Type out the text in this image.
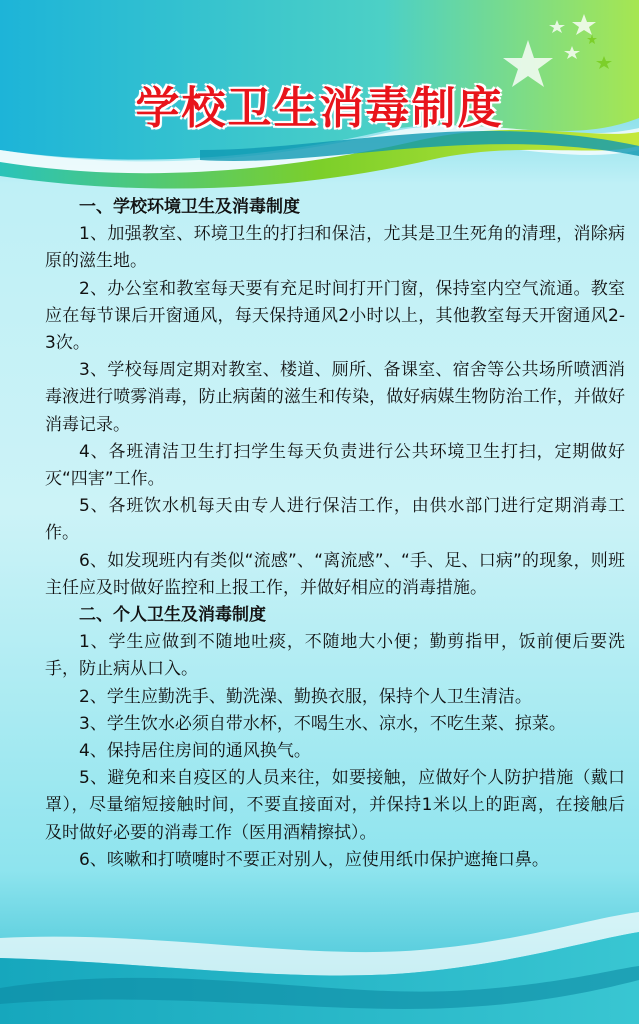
学校卫生消毒制度
一、学校环境卫生及消毒制度

1、加强教室、环境卫生的打扫和保洁，尤其是卫生死角的清理，消除病原的滋生地。

2、办公室和教室每天要有充足时间打开门窗，保持室内空气流通。教室应在每节课后开窗通风，每天保持通风2小时以上，其他教室每天开窗通风2-3次。

3、学校每周定期对教室、楼道、厕所、备课室、宿舍等公共场所喷洒消毒液进行喷雾消毒，防止病菌的滋生和传染，做好病媒生物防治工作，并做好消毒记录。

4、各班清洁卫生打扫学生每天负责进行公共环境卫生打扫，定期做好灭“四害”工作。

5、各班饮水机每天由专人进行保洁工作，由供水部门进行定期消毒工作。

6、如发现班内有类似“流感”、“离流感”、“手、足、口病”的现象，则班主任应及时做好监控和上报工作，并做好相应的消毒措施。

二、个人卫生及消毒制度

1、学生应做到不随地吐痰，不随地大小便；勤剪指甲，饭前便后要洗手，防止病从口入。

2、学生应勤洗手、勤洗澡、勤换衣服，保持个人卫生清洁。

3、学生饮水必须自带水杯，不喝生水、凉水，不吃生菜、掠菜。

4、保持居住房间的通风换气。

5、避免和来自疫区的人员来往，如要接触，应做好个人防护措施（戴口罩），尽量缩短接触时间，不要直接面对，并保持1米以上的距离，在接触后及时做好必要的消毒工作（医用酒精擦拭）。

6、咳嗽和打喷嚏时不要正对别人，应使用纸巾保护遮掩口鼻。
